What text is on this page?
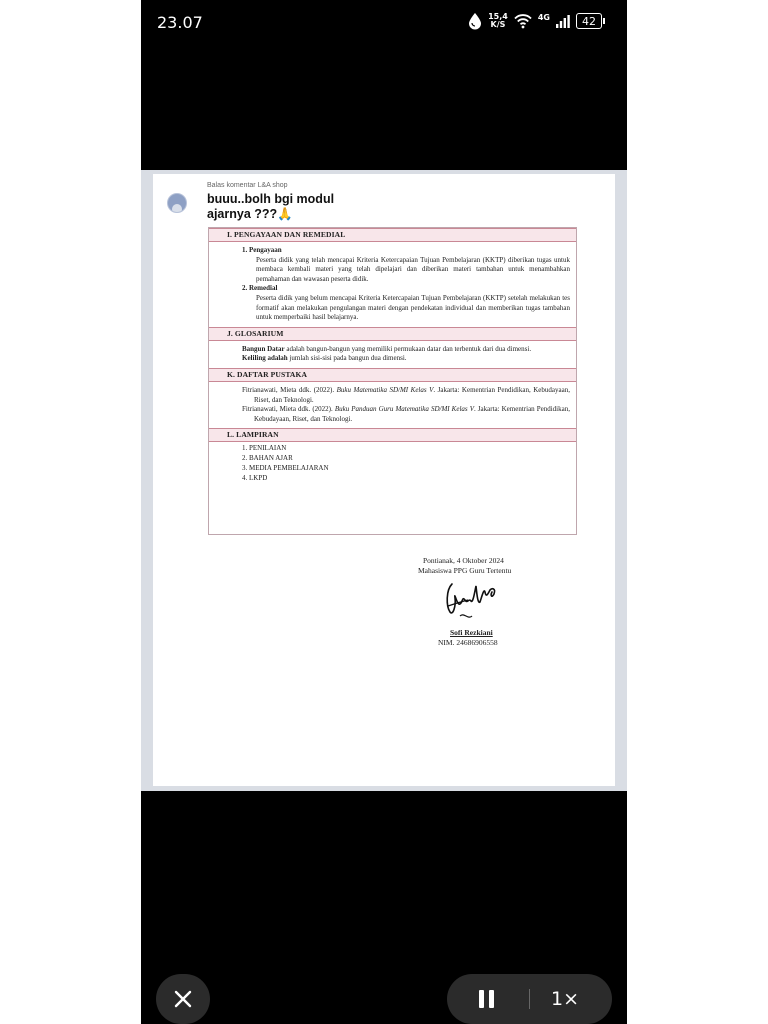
23.07	15,4
K/S
4G	42
Balas komentar L&A shop
buuu..bolh bgi modul ajarnya ???🙏
I. PENGAYAAN DAN REMEDIAL
1. Pengayaan
Peserta didik yang telah mencapai Kriteria Ketercapaian Tujuan Pembelajaran (KKTP) diberikan tugas untuk membaca kembali materi yang telah dipelajari dan diberikan materi tambahan untuk menambahkan pemahaman dan wawasan peserta didik.
2. Remedial
Peserta didik yang belum mencapai Kriteria Ketercapaian Tujuan Pembelajaran (KKTP) setelah melakukan tes formatif akan melakukan pengulangan materi dengan pendekatan individual dan memberikan tugas tambahan untuk memperbaiki hasil belajarnya.
J. GLOSARIUM
Bangun Datar adalah bangun-bangun yang memiliki permukaan datar dan terbentuk dari dua dimensi.
Keliling adalah jumlah sisi-sisi pada bangun dua dimensi.
K. DAFTAR PUSTAKA
Fitrianawati, Mieta ddk. (2022). Buku Matematika SD/MI Kelas V. Jakarta: Kementrian Pendidikan, Kebudayaan, Riset, dan Teknologi.
Fitrianawati, Mieta ddk. (2022). Buku Panduan Guru Matematika SD/MI Kelas V. Jakarta: Kementrian Pendidikan, Kebudayaan, Riset, dan Teknologi.
L. LAMPIRAN
1. PENILAIAN
2. BAHAN AJAR
3. MEDIA PEMBELAJARAN
4. LKPD
Pontianak, 4 Oktober 2024
Mahasiswa PPG Guru Tertentu
Sofi Rezkiani
NIM. 24686906558
1×
